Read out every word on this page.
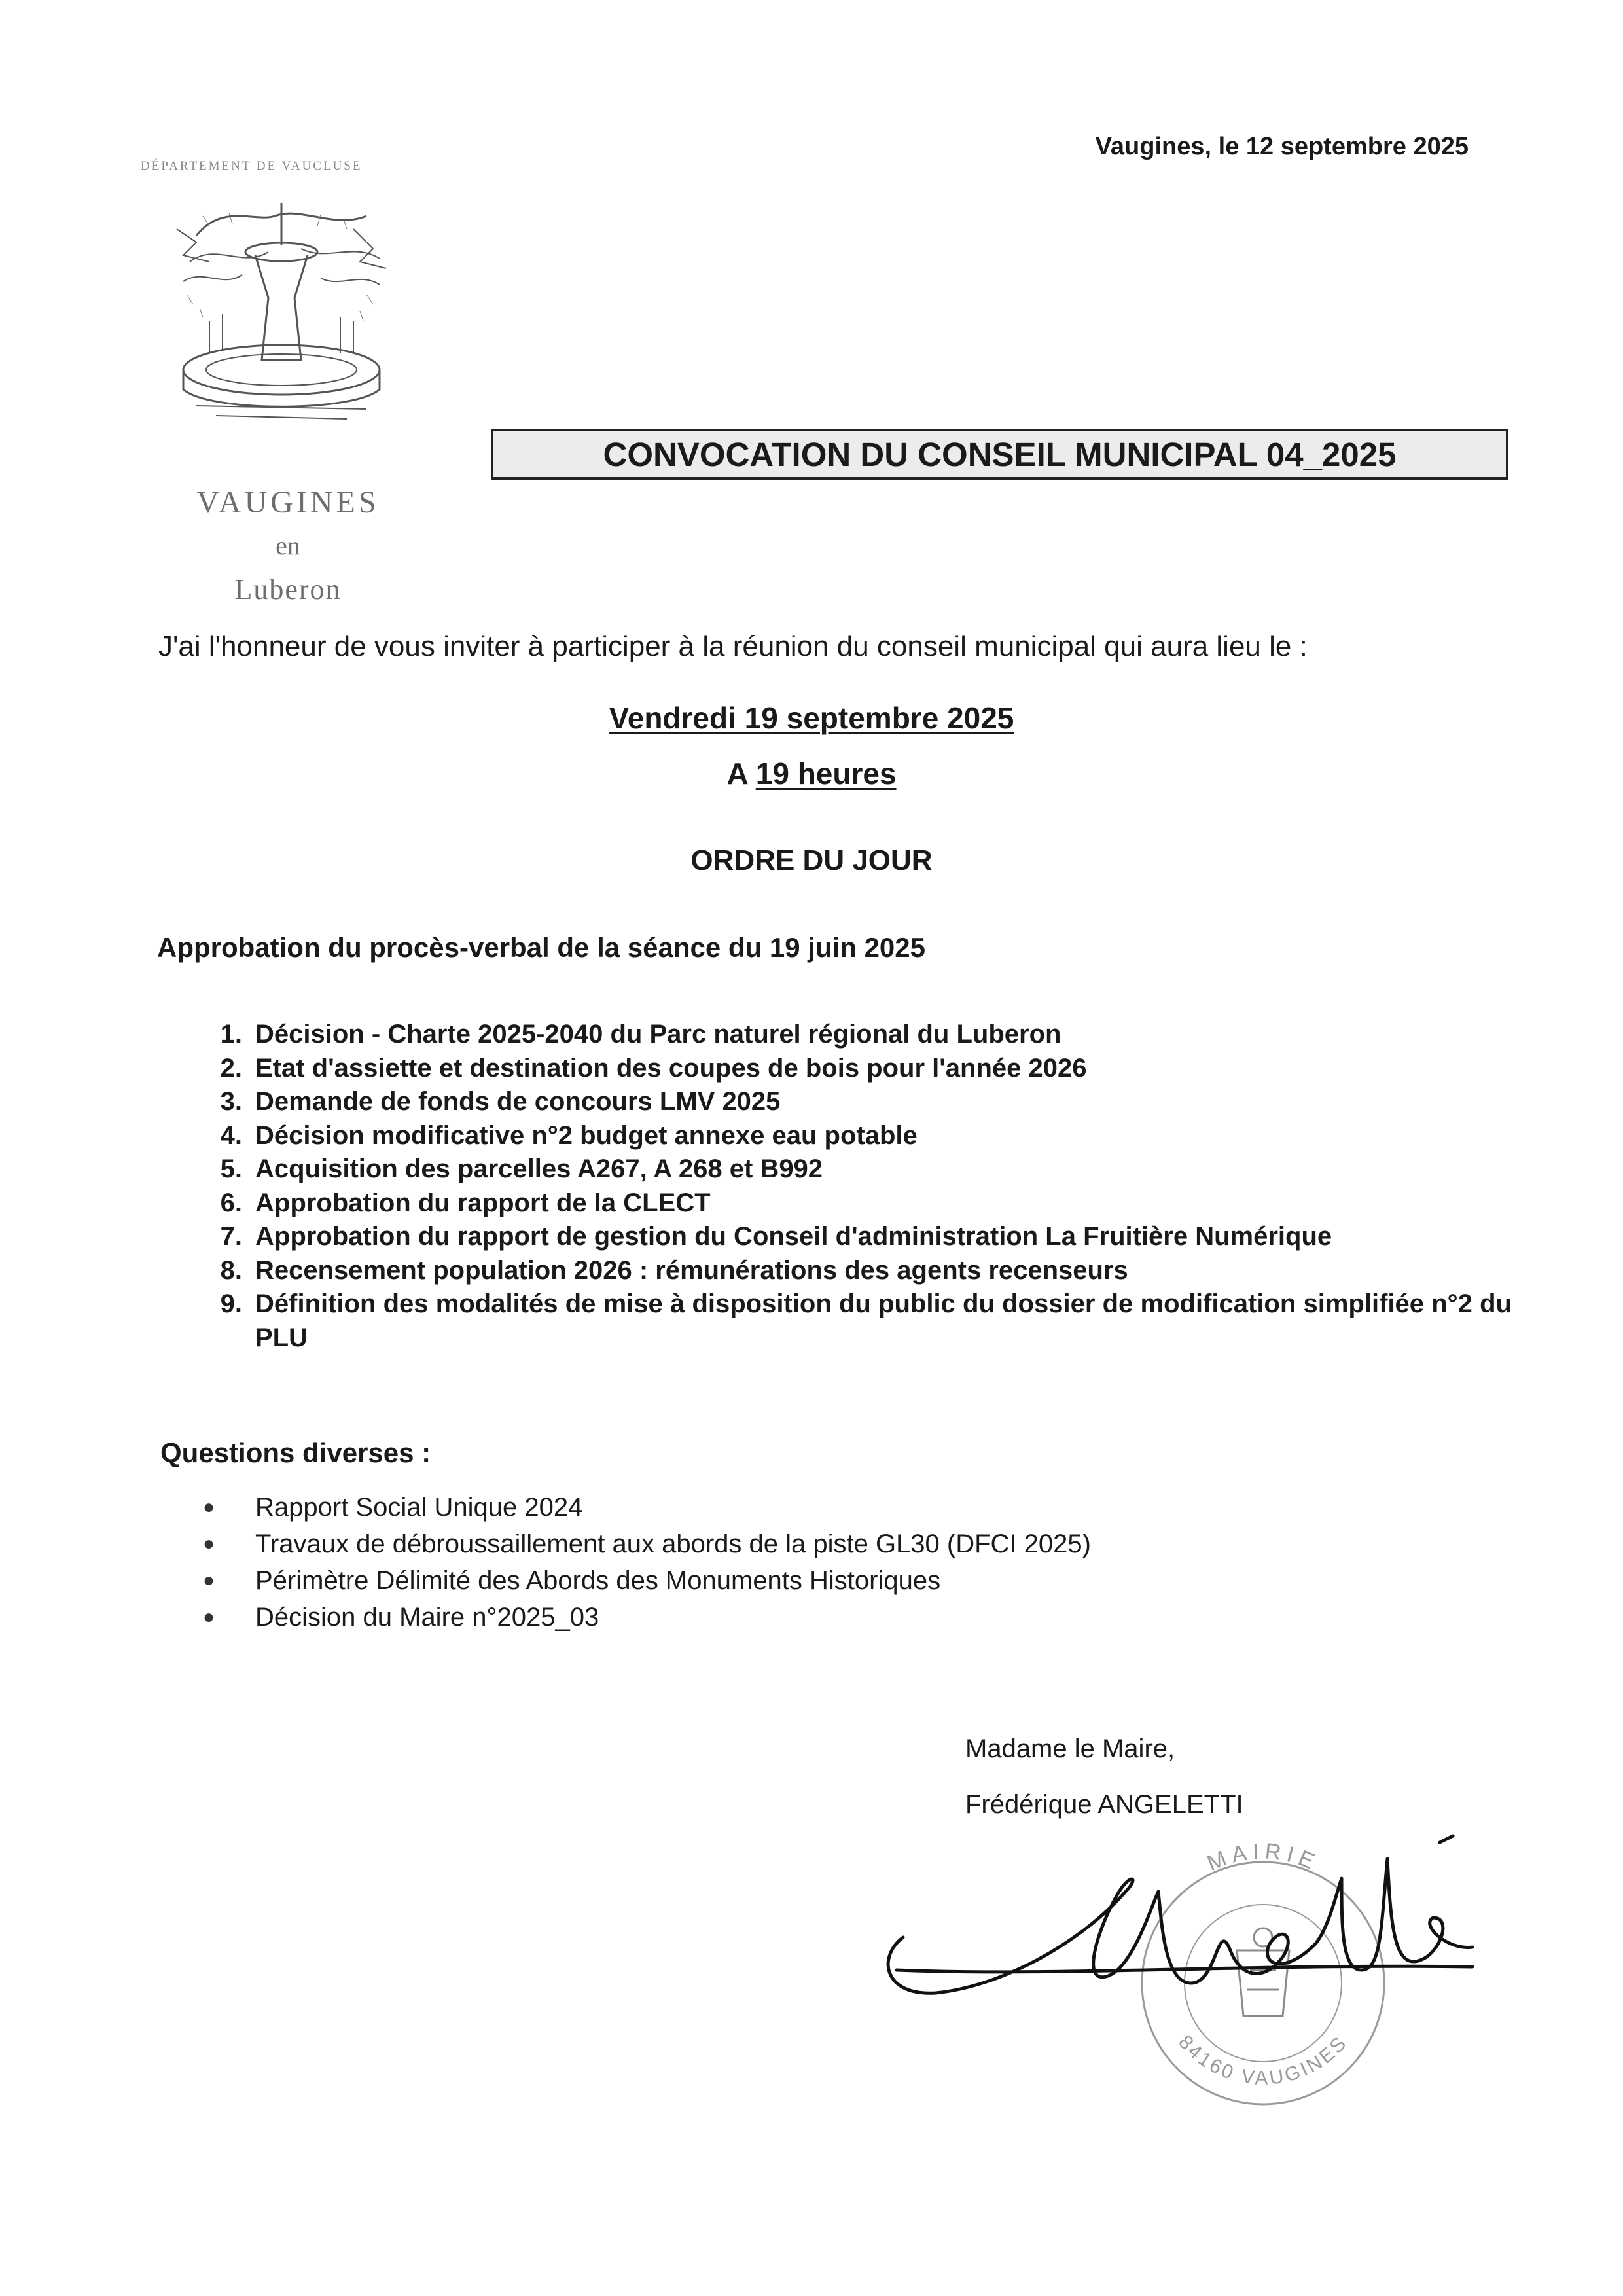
DÉPARTEMENT DE VAUCLUSE
VAUGINES
en
Luberon
Vaugines, le 12 septembre 2025
CONVOCATION DU CONSEIL MUNICIPAL 04_2025
J'ai l'honneur de vous inviter à participer à la réunion du conseil municipal qui aura lieu le :
Vendredi 19 septembre 2025
A 19 heures
ORDRE DU JOUR
Approbation du procès-verbal de la séance du 19 juin 2025
1. Décision - Charte 2025-2040 du Parc naturel régional du Luberon
2. Etat d'assiette et destination des coupes de bois pour l'année 2026
3. Demande de fonds de concours LMV 2025
4. Décision modificative n°2 budget annexe eau potable
5. Acquisition des parcelles A267, A 268 et B992
6. Approbation du rapport de la CLECT
7. Approbation du rapport de gestion du Conseil d'administration La Fruitière Numérique
8. Recensement population 2026 : rémunérations des agents recenseurs
9. Définition des modalités de mise à disposition du public du dossier de modification simplifiée n°2 du PLU
Questions diverses :
●	Rapport Social Unique 2024
●	Travaux de débroussaillement aux abords de la piste GL30 (DFCI 2025)
●	Périmètre Délimité des Abords des Monuments Historiques
●	Décision du Maire n°2025_03
Madame le Maire,
Frédérique ANGELETTI
MAIRIE
84160 VAUGINES
